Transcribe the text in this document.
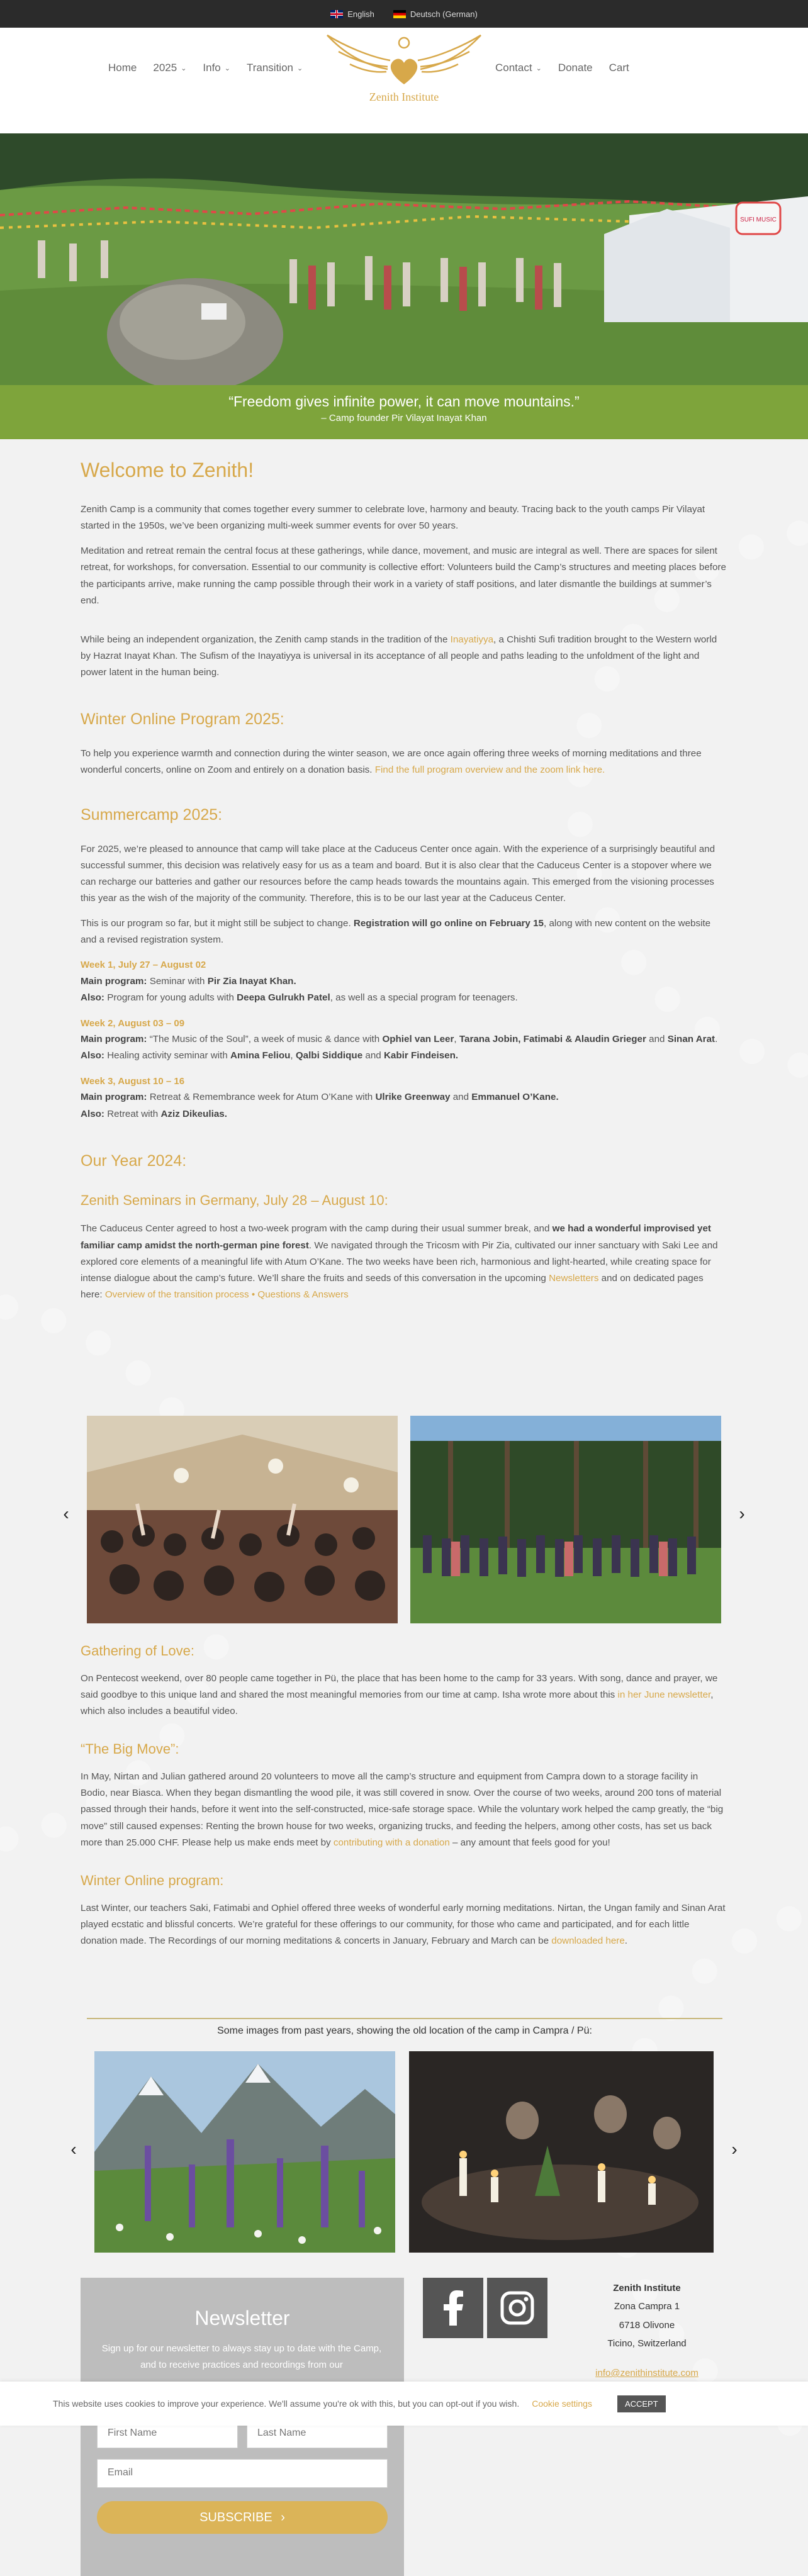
English	Deutsch (German)
Home 2025 ⌄ Info ⌄ Transition ⌄
Zenith Institute
Contact ⌄ Donate Cart
SUFI MUSIC
“Freedom gives infinite power, it can move mountains.”
– Camp founder Pir Vilayat Inayat Khan
Welcome to Zenith!

Zenith Camp is a community that comes together every summer to celebrate love, harmony and beauty. Tracing back to the youth camps Pir Vilayat started in the 1950s, we’ve been organizing multi-week summer events for over 50 years.

Meditation and retreat remain the central focus at these gatherings, while dance, movement, and music are integral as well. There are spaces for silent retreat, for workshops, for conversation. Essential to our community is collective effort: Volunteers build the Camp’s structures and meeting places before the participants arrive, make running the camp possible through their work in a variety of staff positions, and later dismantle the buildings at summer’s end.

While being an independent organization, the Zenith camp stands in the tradition of the Inayatiyya, a Chishti Sufi tradition brought to the Western world by Hazrat Inayat Khan. The Sufism of the Inayatiyya is universal in its acceptance of all people and paths leading to the unfoldment of the light and power latent in the human being.

Winter Online Program 2025:

To help you experience warmth and connection during the winter season, we are once again offering three weeks of morning meditations and three wonderful concerts, online on Zoom and entirely on a donation basis. Find the full program overview and the zoom link here.

Summercamp 2025:

For 2025, we’re pleased to announce that camp will take place at the Caduceus Center once again. With the experience of a surprisingly beautiful and successful summer, this decision was relatively easy for us as a team and board. But it is also clear that the Caduceus Center is a stopover where we can recharge our batteries and gather our resources before the camp heads towards the mountains again. This emerged from the visioning processes this year as the wish of the majority of the community. Therefore, this is to be our last year at the Caduceus Center.

This is our program so far, but it might still be subject to change. Registration will go online on February 15, along with new content on the website and a revised registration system.

Week 1, July 27 – August 02
Main program: Seminar with Pir Zia Inayat Khan.
Also: Program for young adults with Deepa Gulrukh Patel, as well as a special program for teenagers.
Week 2, August 03 – 09
Main program: “The Music of the Soul”, a week of music & dance with Ophiel van Leer, Tarana Jobin, Fatimabi & Alaudin Grieger and Sinan Arat.
Also: Healing activity seminar with Amina Feliou, Qalbi Siddique and Kabir Findeisen.
Week 3, August 10 – 16
Main program: Retreat & Remembrance week for Atum O’Kane with Ulrike Greenway and Emmanuel O’Kane.
Also: Retreat with Aziz Dikeulias.
Our Year 2024:
Zenith Seminars in Germany, July 28 – August 10:

The Caduceus Center agreed to host a two-week program with the camp during their usual summer break, and we had a wonderful improvised yet familiar camp amidst the north-german pine forest. We navigated through the Tricosm with Pir Zia, cultivated our inner sanctuary with Saki Lee and explored core elements of a meaningful life with Atum O’Kane. The two weeks have been rich, harmonious and light-hearted, while creating space for intense dialogue about the camp’s future. We’ll share the fruits and seeds of this conversation in the upcoming Newsletters and on dedicated pages here: Overview of the transition process • Questions & Answers

‹	›
Gathering of Love:

On Pentecost weekend, over 80 people came together in Pü, the place that has been home to the camp for 33 years. With song, dance and prayer, we said goodbye to this unique land and shared the most meaningful memories from our time at camp. Isha wrote more about this in her June newsletter, which also includes a beautiful video.

“The Big Move”:

In May, Nirtan and Julian gathered around 20 volunteers to move all the camp’s structure and equipment from Campra down to a storage facility in Bodio, near Biasca. When they began dismantling the wood pile, it was still covered in snow. Over the course of two weeks, around 200 tons of material passed through their hands, before it went into the self-constructed, mice-safe storage space. While the voluntary work helped the camp greatly, the “big move” still caused expenses: Renting the brown house for two weeks, organizing trucks, and feeding the helpers, among other costs, has set us back more than 25.000 CHF. Please help us make ends meet by contributing with a donation – any amount that feels good for you!

Winter Online program:

Last Winter, our teachers Saki, Fatimabi and Ophiel offered three weeks of wonderful early morning meditations. Nirtan, the Ungan family and Sinan Arat played ecstatic and blissful concerts. We’re grateful for these offerings to our community, for those who came and participated, and for each little donation made. The Recordings of our morning meditations & concerts in January, February and March can be downloaded here.

Some images from past years, showing the old location of the camp in Campra / Pü:
‹	›
Newsletter
Sign up for our newsletter to always stay up to date with the Camp, and to receive practices and recordings from our
First Name	Last Name
Email
SUBSCRIBE ›
Zenith Institute
Zona Campra 1
6718 Olivone
Ticino, Switzerland
info@zenithinstitute.com
This website uses cookies to improve your experience. We'll assume you're ok with this, but you can opt-out if you wish. Cookie settings	ACCEPT
